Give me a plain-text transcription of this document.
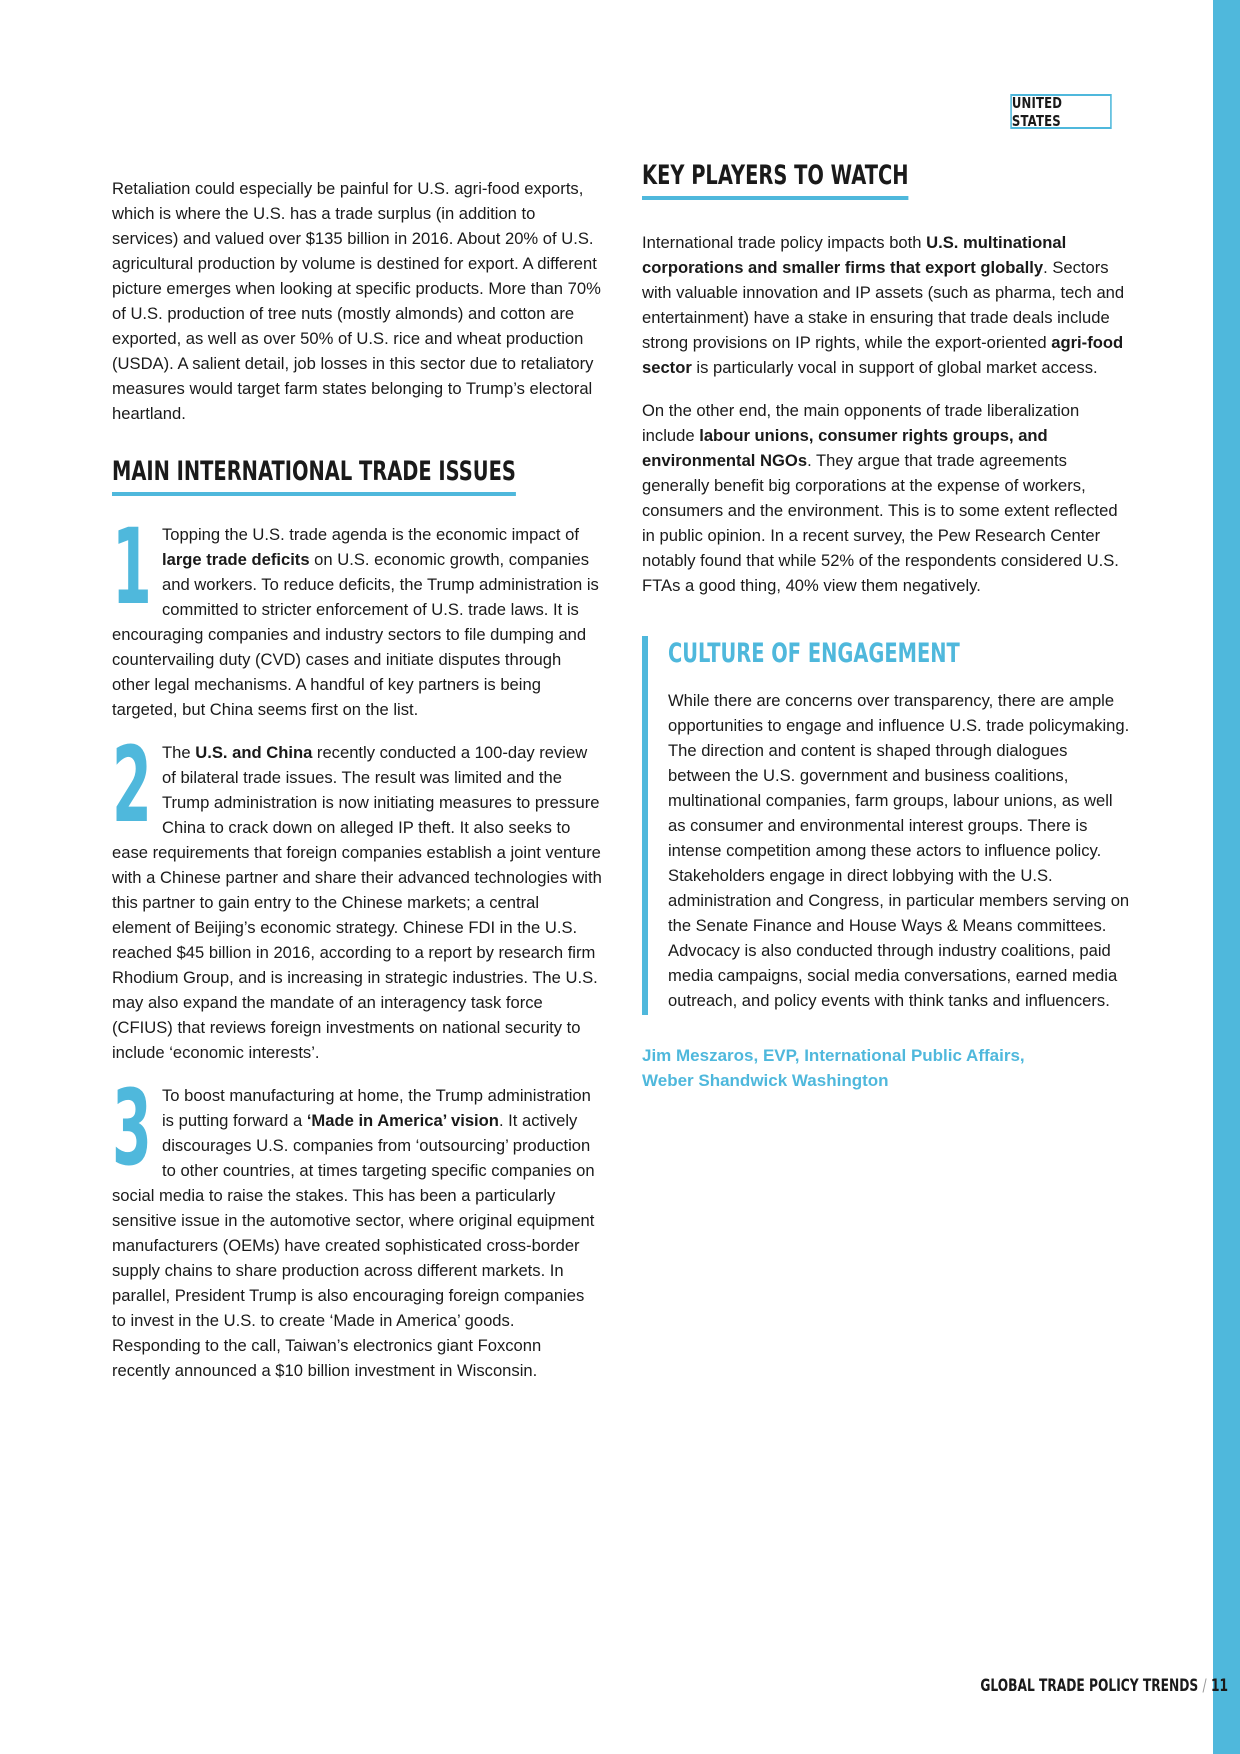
UNITED STATES

Retaliation could especially be painful for U.S. agri-food exports, which is where the U.S. has a trade surplus (in addition to services) and valued over $135 billion in 2016. About 20% of U.S. agricultural production by volume is destined for export. A different picture emerges when looking at specific products. More than 70% of U.S. production of tree nuts (mostly almonds) and cotton are exported, as well as over 50% of U.S. rice and wheat production (USDA). A salient detail, job losses in this sector due to retaliatory measures would target farm states belonging to Trump’s electoral heartland.

MAIN INTERNATIONAL TRADE ISSUES
1 Topping the U.S. trade agenda is the economic impact of large trade deficits on U.S. economic growth, companies and workers. To reduce deficits, the Trump administration is committed to stricter enforcement of U.S. trade laws. It is encouraging companies and industry sectors to file dumping and countervailing duty (CVD) cases and initiate disputes through other legal mechanisms. A handful of key partners is being targeted, but China seems first on the list.
2 The U.S. and China recently conducted a 100-day review of bilateral trade issues. The result was limited and the Trump administration is now initiating measures to pressure China to crack down on alleged IP theft. It also seeks to ease requirements that foreign companies establish a joint venture with a Chinese partner and share their advanced technologies with this partner to gain entry to the Chinese markets; a central element of Beijing’s economic strategy. Chinese FDI in the U.S. reached $45 billion in 2016, according to a report by research firm Rhodium Group, and is increasing in strategic industries. The U.S. may also expand the mandate of an interagency task force (CFIUS) that reviews foreign investments on national security to include ‘economic interests’.
3 To boost manufacturing at home, the Trump administration is putting forward a ‘Made in America’ vision. It actively discourages U.S. companies from ‘outsourcing’ production to other countries, at times targeting specific companies on social media to raise the stakes. This has been a particularly sensitive issue in the automotive sector, where original equipment manufacturers (OEMs) have created sophisticated cross-border supply chains to share production across different markets. In parallel, President Trump is also encouraging foreign companies to invest in the U.S. to create ‘Made in America’ goods. Responding to the call, Taiwan’s electronics giant Foxconn recently announced a $10 billion investment in Wisconsin.
KEY PLAYERS TO WATCH

International trade policy impacts both U.S. multinational corporations and smaller firms that export globally. Sectors with valuable innovation and IP assets (such as pharma, tech and entertainment) have a stake in ensuring that trade deals include strong provisions on IP rights, while the export-oriented agri-food sector is particularly vocal in support of global market access.

On the other end, the main opponents of trade liberalization include labour unions, consumer rights groups, and environmental NGOs. They argue that trade agreements generally benefit big corporations at the expense of workers, consumers and the environment. This is to some extent reflected in public opinion. In a recent survey, the Pew Research Center notably found that while 52% of the respondents considered U.S. FTAs a good thing, 40% view them negatively.

CULTURE OF ENGAGEMENT

While there are concerns over transparency, there are ample opportunities to engage and influence U.S. trade policymaking. The direction and content is shaped through dialogues between the U.S. government and business coalitions, multinational companies, farm groups, labour unions, as well as consumer and environmental interest groups. There is intense competition among these actors to influence policy. Stakeholders engage in direct lobbying with the U.S. administration and Congress, in particular members serving on the Senate Finance and House Ways & Means committees. Advocacy is also conducted through industry coalitions, paid media campaigns, social media conversations, earned media outreach, and policy events with think tanks and influencers.

Jim Meszaros, EVP, International Public Affairs,
Weber Shandwick Washington
GLOBAL TRADE POLICY TRENDS / 11
